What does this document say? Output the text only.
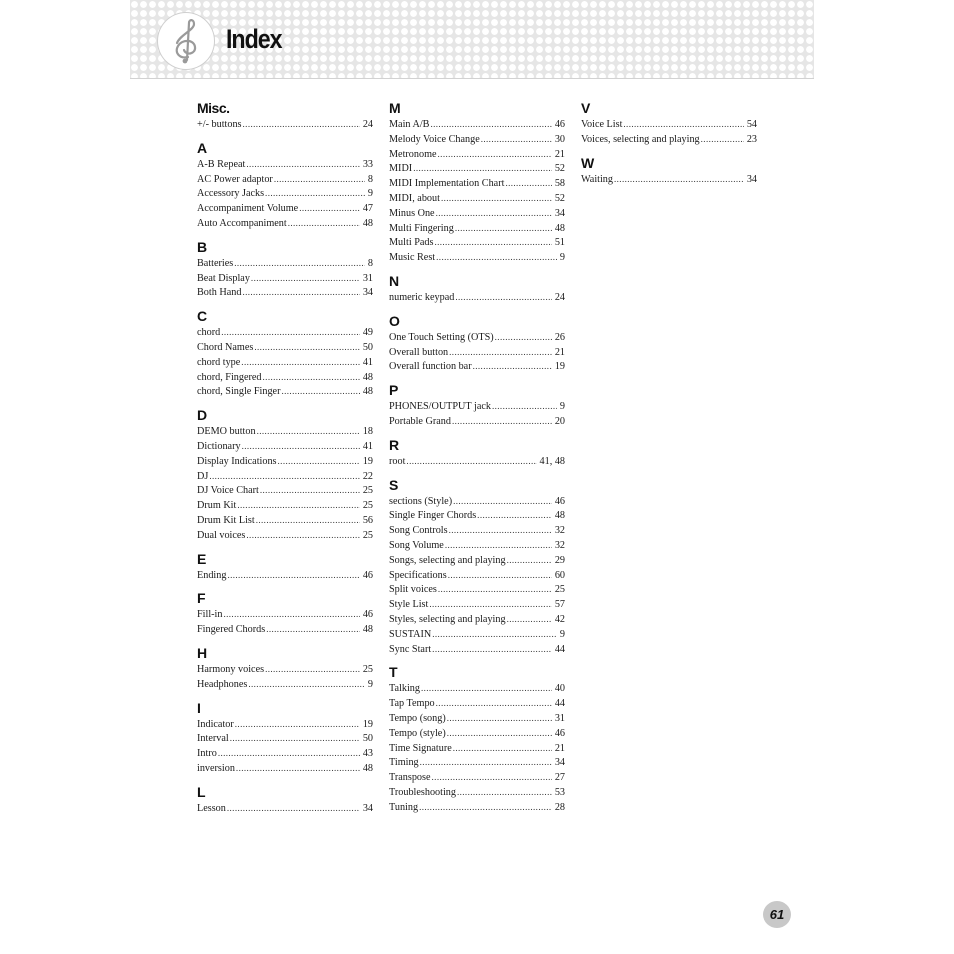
Index
Misc.
+/- buttons .....	24
A
A-B Repeat .....	33
AC Power adaptor .....	8
Accessory Jacks .....	9
Accompaniment Volume .....	47
Auto Accompaniment .....	48
B
Batteries .....	8
Beat Display .....	31
Both Hand .....	34
C
chord .....	49
Chord Names .....	50
chord type .....	41
chord, Fingered .....	48
chord, Single Finger .....	48
D
DEMO button .....	18
Dictionary .....	41
Display Indications .....	19
DJ .....	22
DJ Voice Chart .....	25
Drum Kit .....	25
Drum Kit List .....	56
Dual voices .....	25
E
Ending .....	46
F
Fill-in .....	46
Fingered Chords .....	48
H
Harmony voices .....	25
Headphones .....	9
I
Indicator .....	19
Interval .....	50
Intro .....	43
inversion .....	48
L
Lesson .....	34
M
Main A/B .....	46
Melody Voice Change .....	30
Metronome .....	21
MIDI .....	52
MIDI Implementation Chart .....	58
MIDI, about .....	52
Minus One .....	34
Multi Fingering .....	48
Multi Pads .....	51
Music Rest .....	9
N
numeric keypad .....	24
O
One Touch Setting (OTS) .....	26
Overall button .....	21
Overall function bar .....	19
P
PHONES/OUTPUT jack .....	9
Portable Grand .....	20
R
root .....	41, 48
S
sections (Style) .....	46
Single Finger Chords .....	48
Song Controls .....	32
Song Volume .....	32
Songs, selecting and playing .....	29
Specifications .....	60
Split voices .....	25
Style List .....	57
Styles, selecting and playing .....	42
SUSTAIN .....	9
Sync Start .....	44
T
Talking .....	40
Tap Tempo .....	44
Tempo (song) .....	31
Tempo (style) .....	46
Time Signature .....	21
Timing .....	34
Transpose .....	27
Troubleshooting .....	53
Tuning .....	28
V
Voice List .....	54
Voices, selecting and playing .....	23
W
Waiting .....	34
61
